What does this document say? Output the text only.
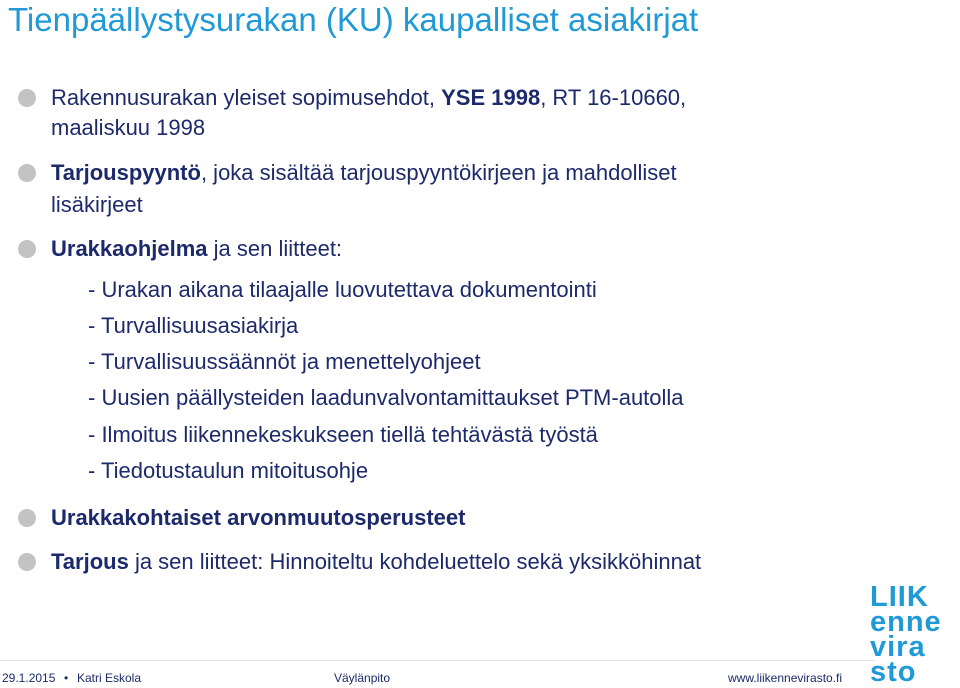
Tienpäällystysurakan (KU) kaupalliset asiakirjat
Rakennusurakan yleiset sopimusehdot, YSE 1998, RT 16-10660,
maaliskuu 1998
Tarjouspyyntö, joka sisältää tarjouspyyntökirjeen ja mahdolliset
lisäkirjeet
Urakkaohjelma ja sen liitteet:
- Urakan aikana tilaajalle luovutettava dokumentointi
- Turvallisuusasiakirja
- Turvallisuussäännöt ja menettelyohjeet
- Uusien päällysteiden laadunvalvontamittaukset PTM-autolla
- Ilmoitus liikennekeskukseen tiellä tehtävästä työstä
- Tiedotustaulun mitoitusohje
Urakkakohtaiset arvonmuutosperusteet
Tarjous ja sen liitteet: Hinnoiteltu kohdeluettelo sekä yksikköhinnat
29.1.2015 • Katri Eskola	Väylänpito	www.liikennevirasto.fi
LIIK
enne
vira
sto
